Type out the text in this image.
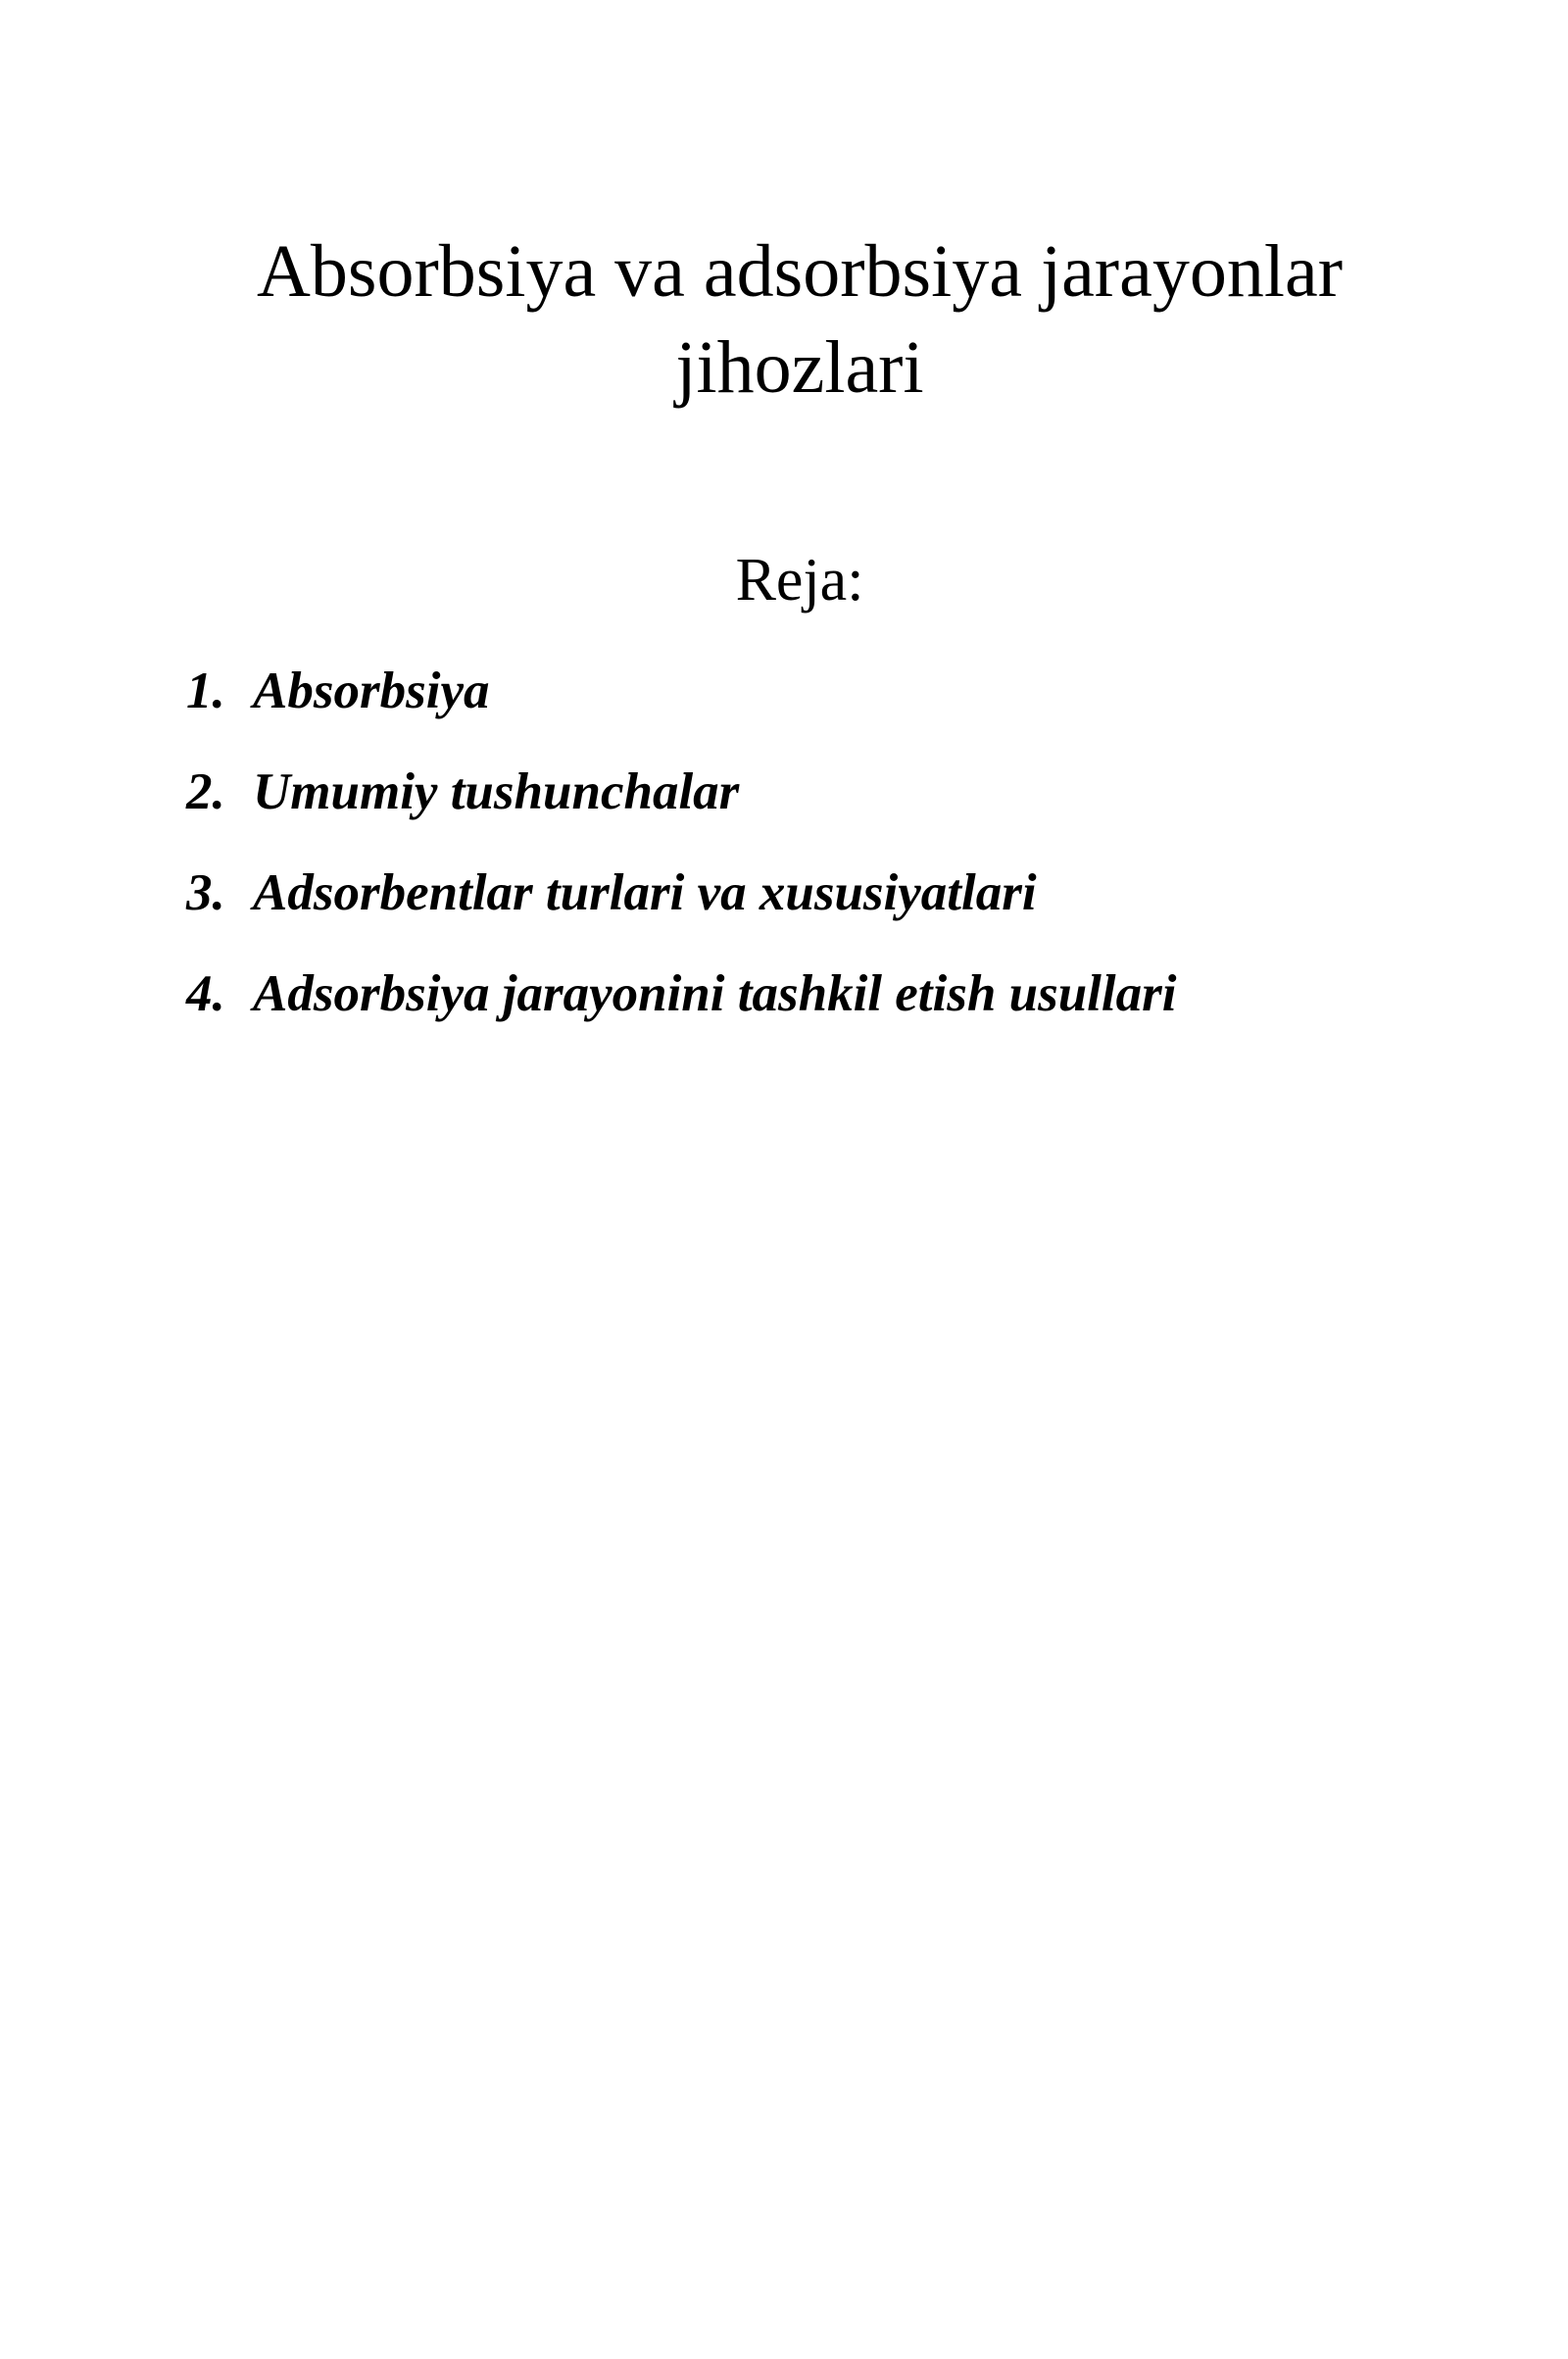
Absorbsiya va adsorbsiya jarayonlar jihozlari
Reja:
1. Absorbsiya
2. Umumiy tushunchalar
3. Adsorbentlar turlari va xususiyatlari
4. Adsorbsiya jarayonini tashkil etish usullari
